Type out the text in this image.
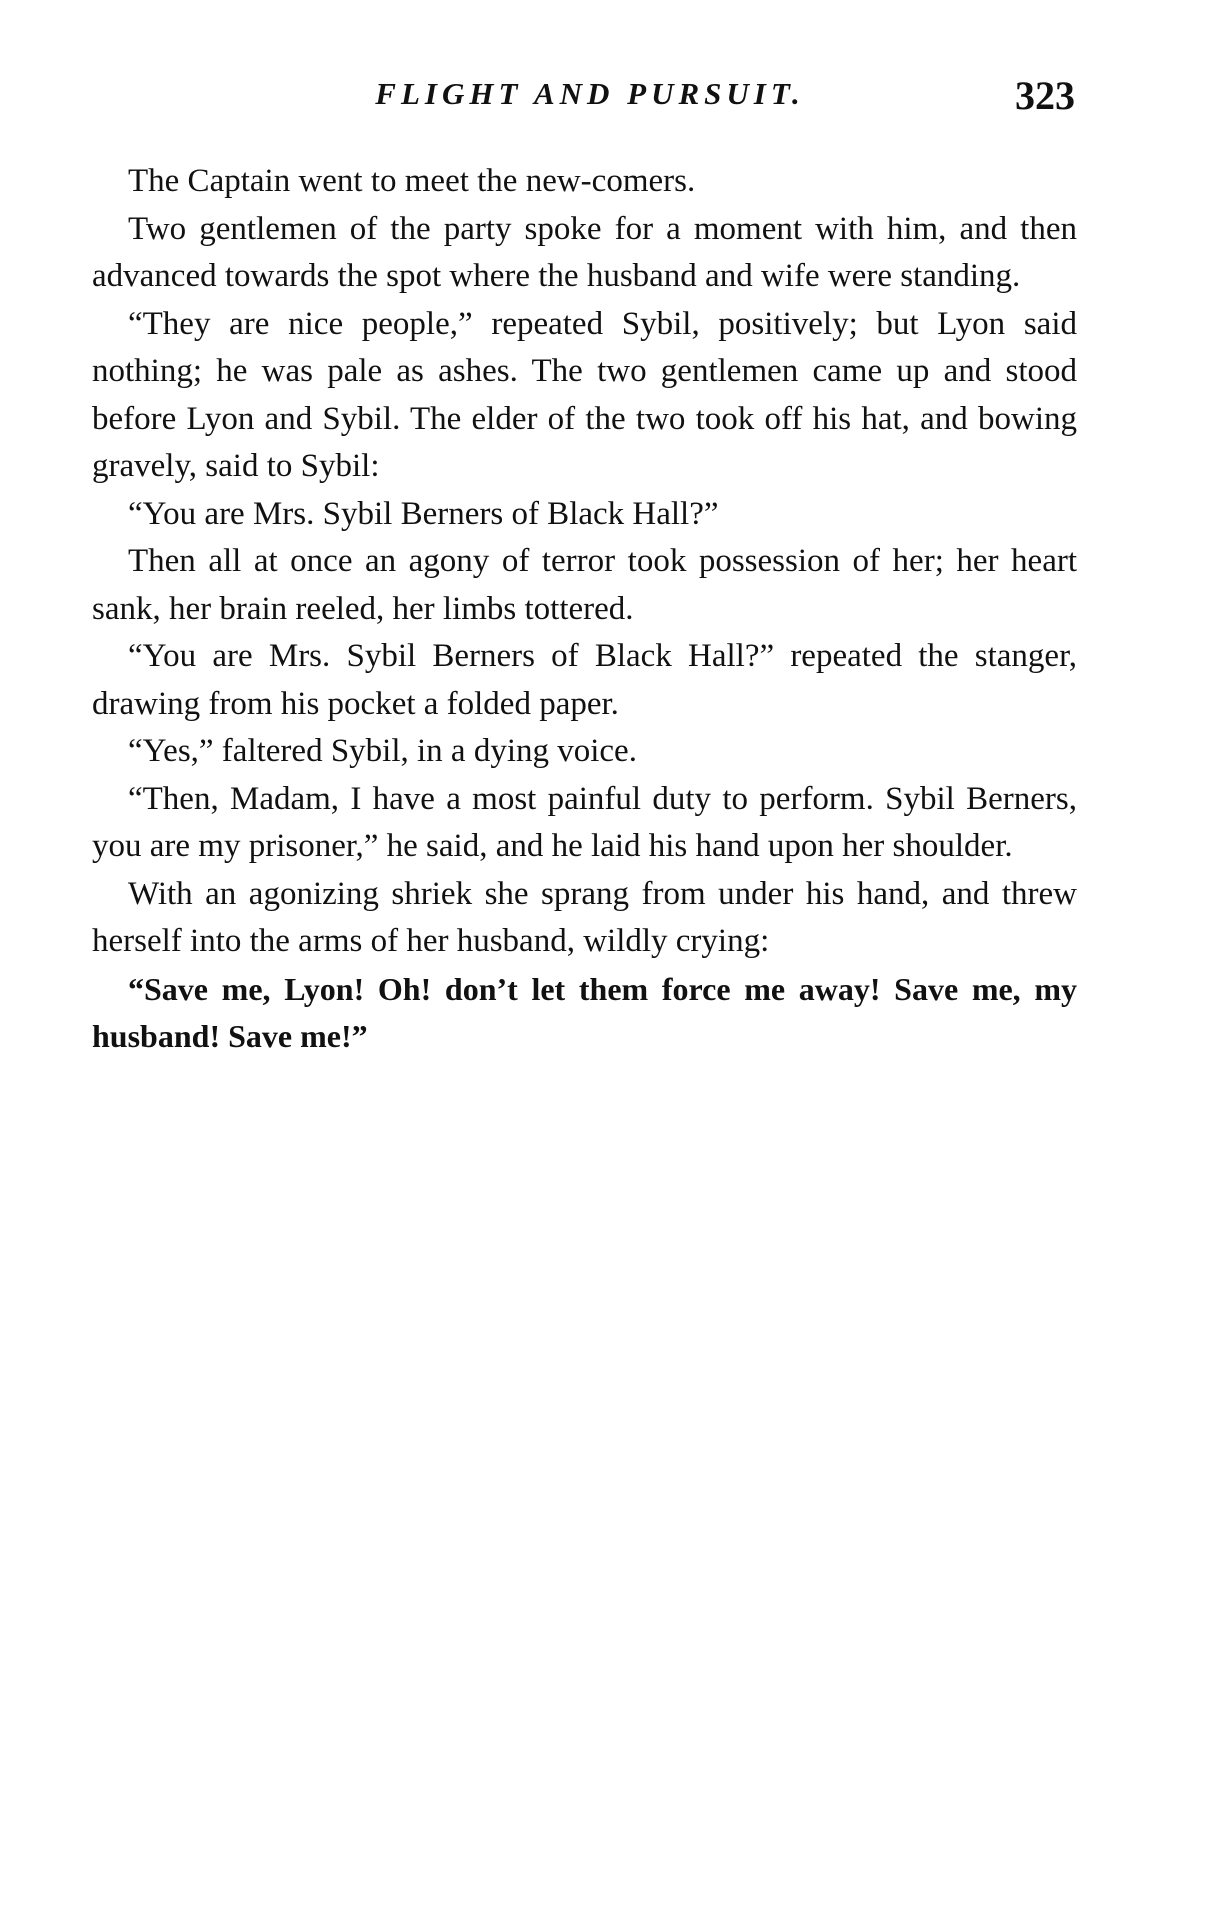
FLIGHT AND PURSUIT.	323

The Captain went to meet the new-comers.

Two gentlemen of the party spoke for a moment with him, and then advanced towards the spot where the husband and wife were standing.

“They are nice people,” repeated Sybil, positively; but Lyon said nothing; he was pale as ashes. The two gentlemen came up and stood before Lyon and Sybil. The elder of the two took off his hat, and bowing gravely, said to Sybil:

“You are Mrs. Sybil Berners of Black Hall?”

Then all at once an agony of terror took possession of her; her heart sank, her brain reeled, her limbs tottered.

“You are Mrs. Sybil Berners of Black Hall?” repeated the stanger, drawing from his pocket a folded paper.

“Yes,” faltered Sybil, in a dying voice.

“Then, Madam, I have a most painful duty to perform. Sybil Berners, you are my prisoner,” he said, and he laid his hand upon her shoulder.

With an agonizing shriek she sprang from under his hand, and threw herself into the arms of her husband, wildly crying:

“Save me, Lyon! Oh! don’t let them force me away! Save me, my husband! Save me!”
